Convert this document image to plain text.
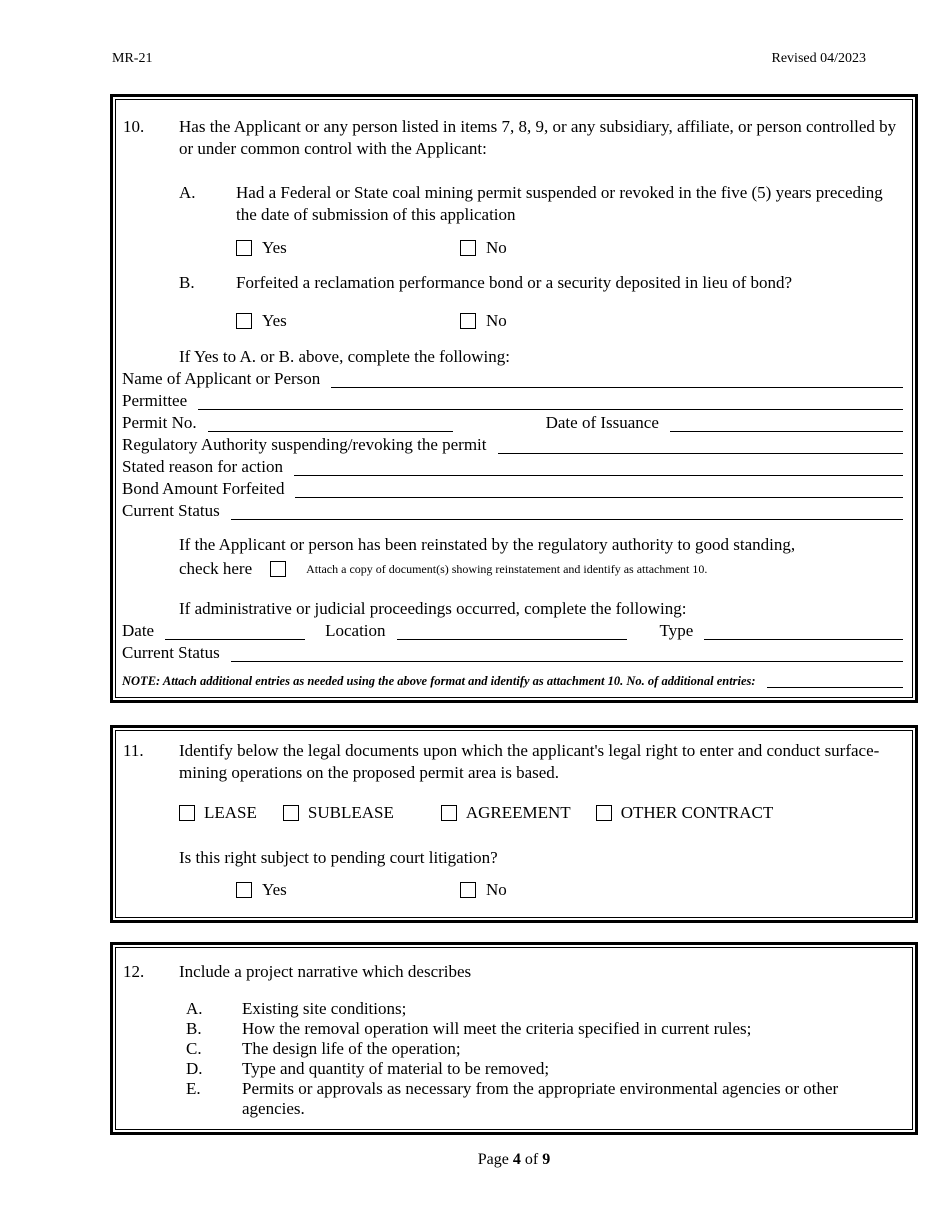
MR-21	Revised 04/2023
10. Has the Applicant or any person listed in items 7, 8, 9, or any subsidiary, affiliate, or person controlled by or under common control with the Applicant:
A. Had a Federal or State coal mining permit suspended or revoked in the five (5) years preceding the date of submission of this application
Yes	No
B. Forfeited a reclamation performance bond or a security deposited in lieu of bond?
Yes	No
If Yes to A. or B. above, complete the following:
Name of Applicant or Person
Permittee
Permit No.	Date of Issuance
Regulatory Authority suspending/revoking the permit
Stated reason for action
Bond Amount Forfeited
Current Status
If the Applicant or person has been reinstated by the regulatory authority to good standing,
check here	Attach a copy of document(s) showing reinstatement and identify as attachment 10.
If administrative or judicial proceedings occurred, complete the following:
Date	Location	Type
Current Status
NOTE: Attach additional entries as needed using the above format and identify as attachment 10. No. of additional entries:
11. Identify below the legal documents upon which the applicant's legal right to enter and conduct surface-mining operations on the proposed permit area is based.
LEASE	SUBLEASE	AGREEMENT	OTHER CONTRACT
Is this right subject to pending court litigation?
Yes	No
12. Include a project narrative which describes
A. Existing site conditions;
B. How the removal operation will meet the criteria specified in current rules;
C. The design life of the operation;
D. Type and quantity of material to be removed;
E. Permits or approvals as necessary from the appropriate environmental agencies or other agencies.
Page 4 of 9
